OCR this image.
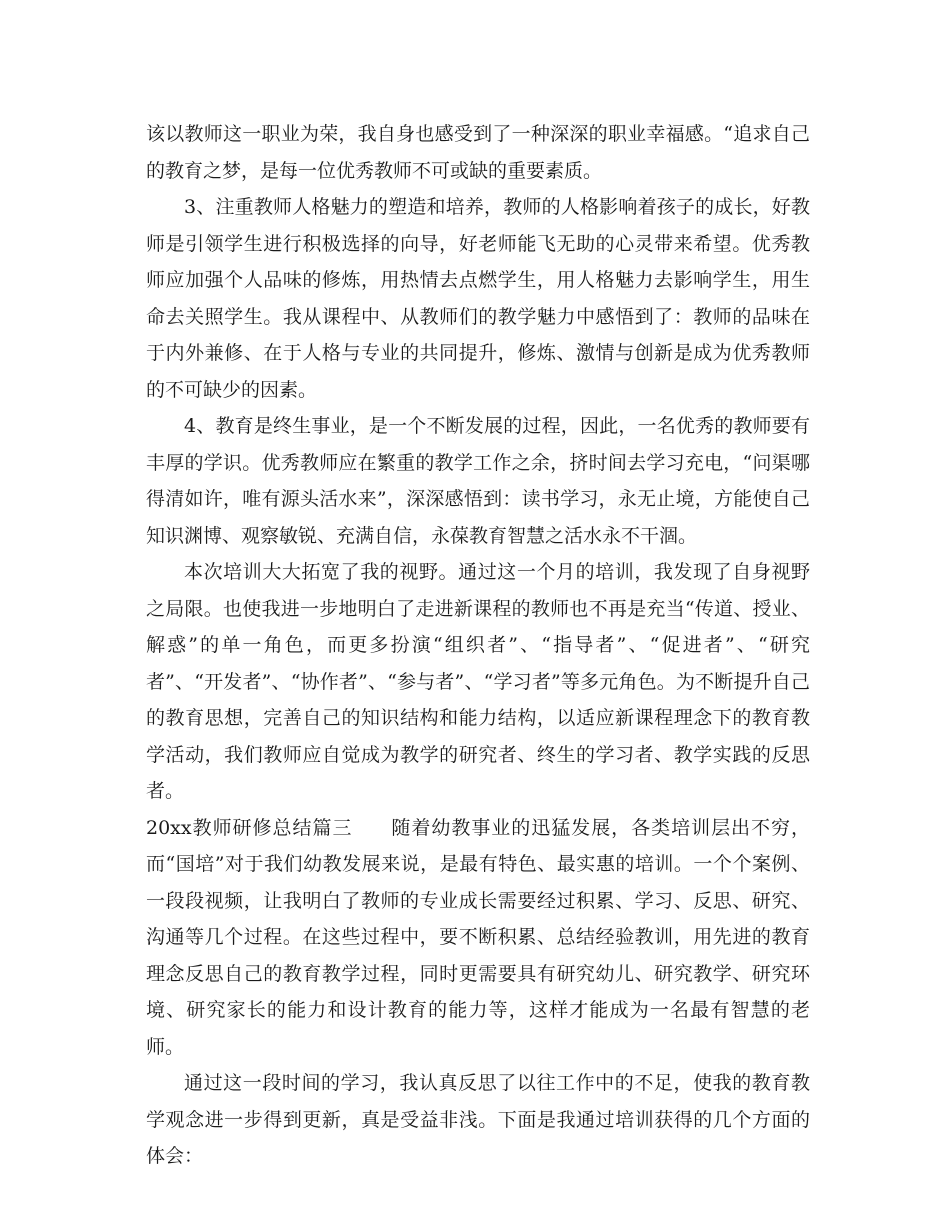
该以教师这一职业为荣，我自身也感受到了一种深深的职业幸福感。“追求自己的教育之梦，是每一位优秀教师不可或缺的重要素质。

3、注重教师人格魅力的塑造和培养，教师的人格影响着孩子的成长，好教师是引领学生进行积极选择的向导，好老师能飞无助的心灵带来希望。优秀教师应加强个人品味的修炼，用热情去点燃学生，用人格魅力去影响学生，用生命去关照学生。我从课程中、从教师们的教学魅力中感悟到了：教师的品味在于内外兼修、在于人格与专业的共同提升，修炼、激情与创新是成为优秀教师的不可缺少的因素。

4、教育是终生事业，是一个不断发展的过程，因此，一名优秀的教师要有丰厚的学识。优秀教师应在繁重的教学工作之余，挤时间去学习充电，“问渠哪得清如许，唯有源头活水来”，深深感悟到：读书学习，永无止境，方能使自己知识渊博、观察敏锐、充满自信，永葆教育智慧之活水永不干涸。

本次培训大大拓宽了我的视野。通过这一个月的培训，我发现了自身视野之局限。也使我进一步地明白了走进新课程的教师也不再是充当“传道、授业、解惑”的单一角色，而更多扮演“组织者”、“指导者”、“促进者”、“研究者”、“开发者”、“协作者”、“参与者”、“学习者”等多元角色。为不断提升自己的教育思想，完善自己的知识结构和能力结构，以适应新课程理念下的教育教学活动，我们教师应自觉成为教学的研究者、终生的学习者、教学实践的反思者。

20xx教师研修总结篇三 随着幼教事业的迅猛发展，各类培训层出不穷，而“国培”对于我们幼教发展来说，是最有特色、最实惠的培训。一个个案例、一段段视频，让我明白了教师的专业成长需要经过积累、学习、反思、研究、沟通等几个过程。在这些过程中，要不断积累、总结经验教训，用先进的教育理念反思自己的教育教学过程，同时更需要具有研究幼儿、研究教学、研究环境、研究家长的能力和设计教育的能力等，这样才能成为一名最有智慧的老师。

通过这一段时间的学习，我认真反思了以往工作中的不足，使我的教育教学观念进一步得到更新，真是受益非浅。下面是我通过培训获得的几个方面的体会：
